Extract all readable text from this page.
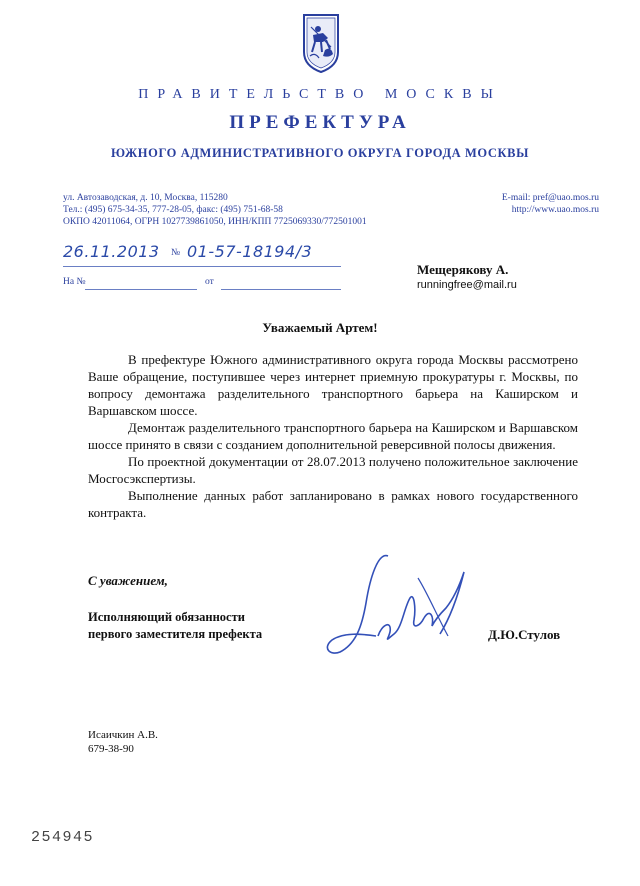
ПРАВИТЕЛЬСТВО МОСКВЫ
ПРЕФЕКТУРА
ЮЖНОГО АДМИНИСТРАТИВНОГО ОКРУГА ГОРОДА МОСКВЫ
ул. Автозаводская, д. 10, Москва, 115280
Тел.: (495) 675-34-35, 777-28-05, факс: (495) 751-68-58
ОКПО 42011064, ОГРН 1027739861050, ИНН/КПП 7725069330/772501001
E-mail: pref@uao.mos.ru
http://www.uao.mos.ru
26.11.2013 № 01-57-18194/3
На №	от
Мещерякову А.
runningfree@mail.ru
Уважаемый Артем!

В префектуре Южного административного округа города Москвы рассмотрено Ваше обращение, поступившее через интернет приемную прокуратуры г. Москвы, по вопросу демонтажа разделительного транспортного барьера на Каширском и Варшавском шоссе.

Демонтаж разделительного транспортного барьера на Каширском и Варшавском шоссе принято в связи с созданием дополнительной реверсивной полосы движения.

По проектной документации от 28.07.2013 получено положительное заключение Мосгосэкспертизы.

Выполнение данных работ запланировано в рамках нового государственного контракта.

С уважением,
Исполняющий обязанности
первого заместителя префекта	Д.Ю.Стулов
Исаичкин А.В.
679-38-90
254945
